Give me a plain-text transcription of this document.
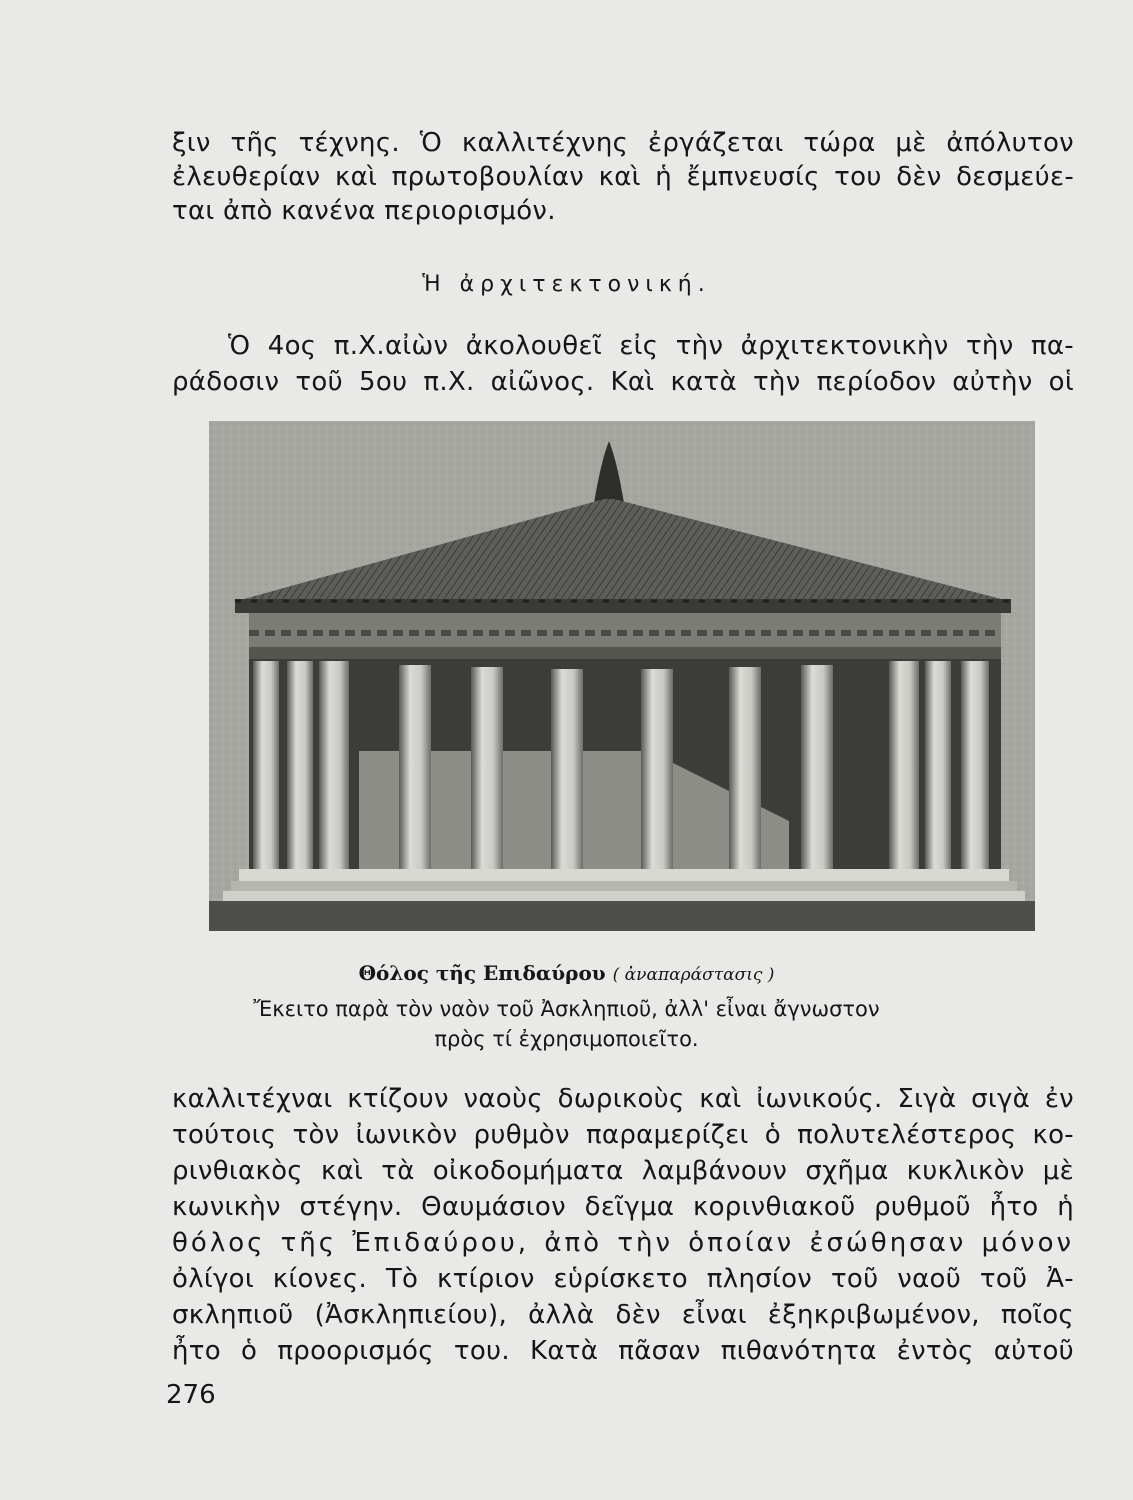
ξιν τῆς τέχνης. Ὁ καλλιτέχνης ἐργάζεται τώρα μὲ ἀπόλυτον
ἐλευθερίαν καὶ πρωτοβουλίαν καὶ ἡ ἔμπνευσίς του δὲν δεσμεύε-
ται ἀπὸ κανένα περιορισμόν.
Ἡ ἀρχιτεκτονική.
Ὁ 4ος π.Χ.αἰὼν ἀκολουθεῖ εἰς τὴν ἀρχιτεκτονικὴν τὴν πα-
ράδοσιν τοῦ 5ου π.Χ. αἰῶνος. Καὶ κατὰ τὴν περίοδον αὐτὴν οἱ
Θόλος τῆς Επιδαύρου ( ἀναπαράστασις )
Ἔκειτο παρὰ τὸν ναὸν τοῦ Ἀσκληπιοῦ, ἀλλ' εἶναι ἄγνωστον
πρὸς τί ἐχρησιμοποιεῖτο.
καλλιτέχναι κτίζουν ναοὺς δωρικοὺς καὶ ἰωνικούς. Σιγὰ σιγὰ ἐν
τούτοις τὸν ἰωνικὸν ρυθμὸν παραμερίζει ὁ πολυτελέστερος κο-
ρινθιακὸς καὶ τὰ οἰκοδομήματα λαμβάνουν σχῆμα κυκλικὸν μὲ
κωνικὴν στέγην. Θαυμάσιον δεῖγμα κορινθιακοῦ ρυθμοῦ ἦτο ἡ
θόλος τῆς Ἐπιδαύρου, ἀπὸ τὴν ὁποίαν ἐσώθησαν μόνον
ὀλίγοι κίονες. Τὸ κτίριον εὑρίσκετο πλησίον τοῦ ναοῦ τοῦ Ἀ-
σκληπιοῦ (Ἀσκληπιείου), ἀλλὰ δὲν εἶναι ἐξηκριβωμένον, ποῖος
ἦτο ὁ προορισμός του. Κατὰ πᾶσαν πιθανότητα ἐντὸς αὐτοῦ
276
